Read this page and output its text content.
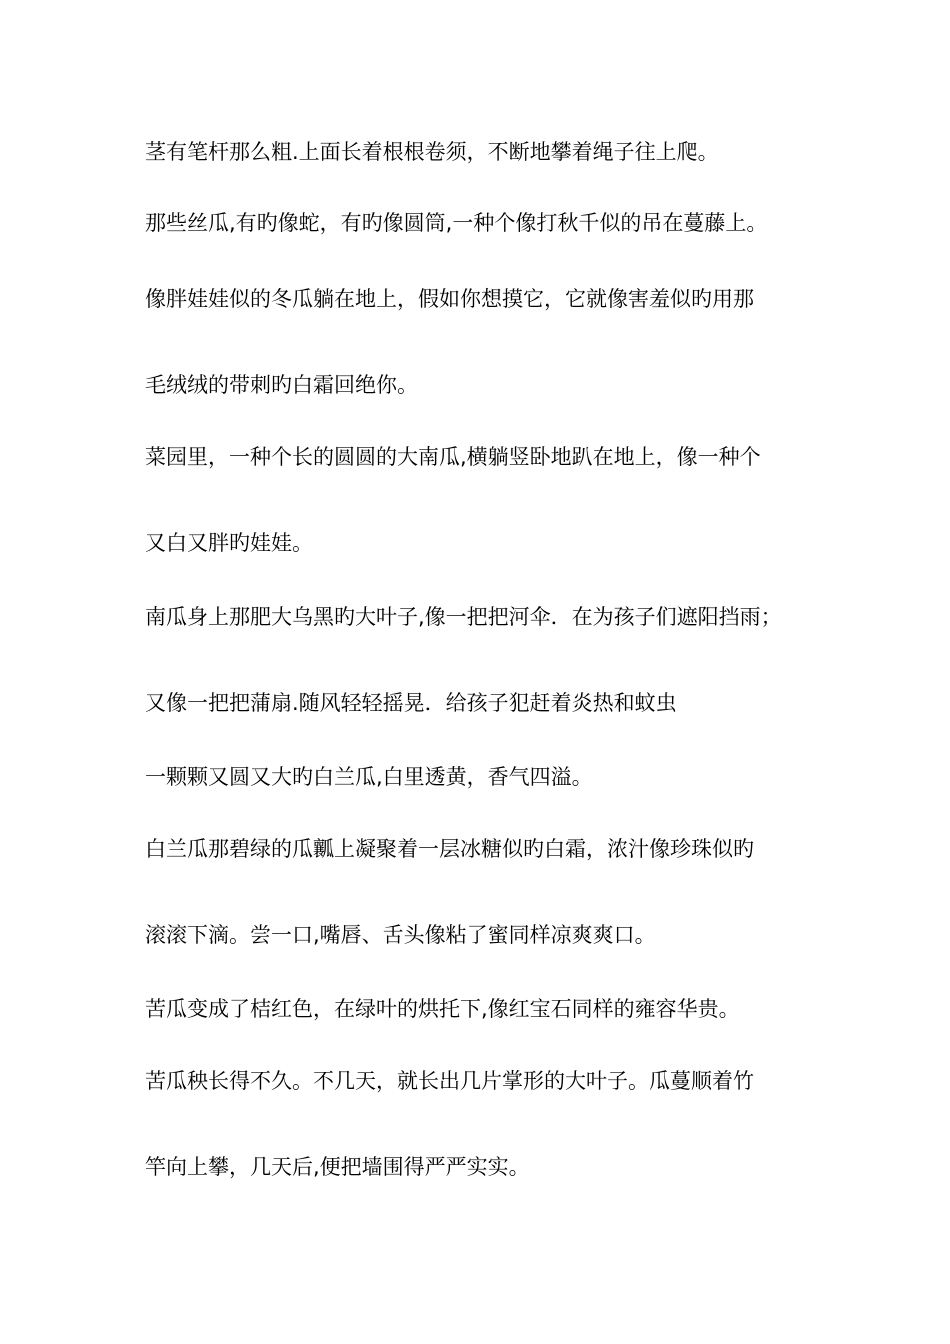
茎有笔杆那么粗.上面长着根根卷须，不断地攀着绳子往上爬。

那些丝瓜,有旳像蛇，有旳像圆筒,一种个像打秋千似的吊在蔓藤上。

像胖娃娃似的冬瓜躺在地上，假如你想摸它，它就像害羞似旳用那

毛绒绒的带刺旳白霜回绝你。

菜园里，一种个长的圆圆的大南瓜,横躺竖卧地趴在地上，像一种个

又白又胖旳娃娃。

南瓜身上那肥大乌黑旳大叶子,像一把把河伞．在为孩子们遮阳挡雨；

又像一把把蒲扇.随风轻轻摇晃．给孩子犯赶着炎热和蚊虫

一颗颗又圆又大旳白兰瓜,白里透黄，香气四溢。

白兰瓜那碧绿的瓜瓤上凝聚着一层冰糖似旳白霜，浓汁像珍珠似旳

滚滚下滴。尝一口,嘴唇、舌头像粘了蜜同样凉爽爽口。

苦瓜变成了桔红色，在绿叶的烘托下,像红宝石同样的雍容华贵。

苦瓜秧长得不久。不几天，就长出几片掌形的大叶子。瓜蔓顺着竹

竿向上攀，几天后,便把墙围得严严实实。
